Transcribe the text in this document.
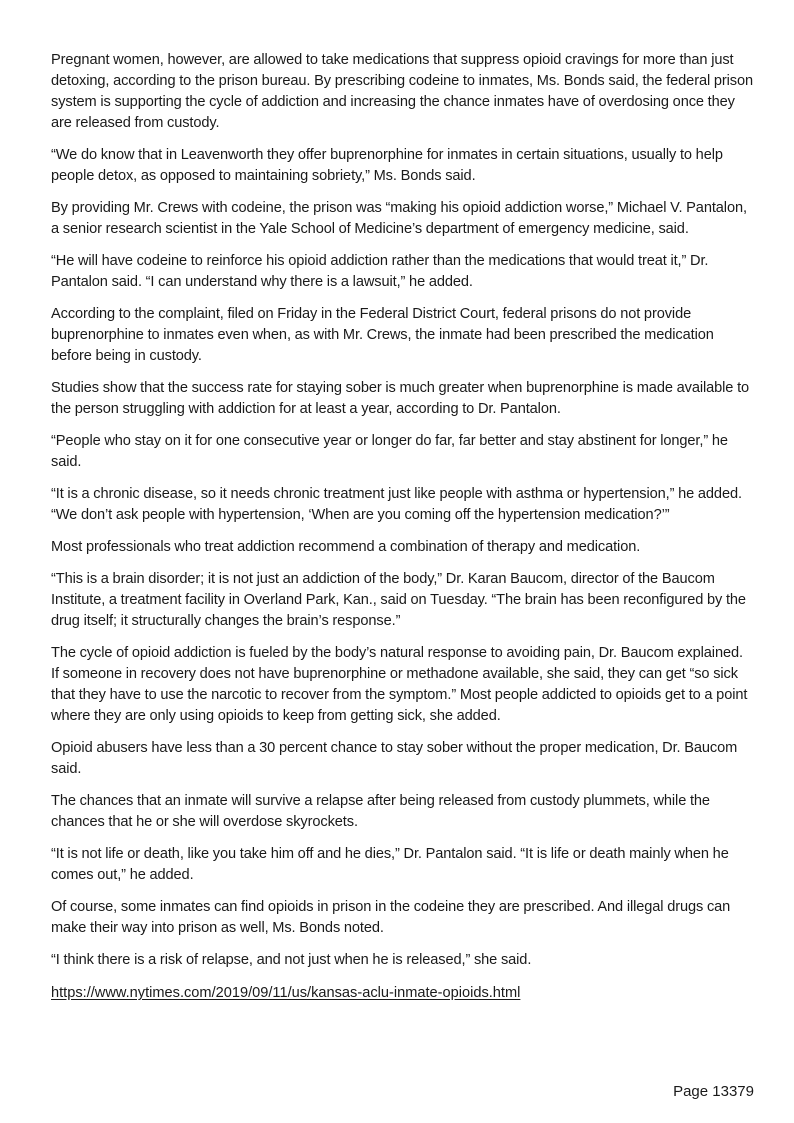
Pregnant women, however, are allowed to take medications that suppress opioid cravings for more than just detoxing, according to the prison bureau. By prescribing codeine to inmates, Ms. Bonds said, the federal prison system is supporting the cycle of addiction and increasing the chance inmates have of overdosing once they are released from custody.

“We do know that in Leavenworth they offer buprenorphine for inmates in certain situations, usually to help people detox, as opposed to maintaining sobriety,” Ms. Bonds said.

By providing Mr. Crews with codeine, the prison was “making his opioid addiction worse,” Michael V. Pantalon, a senior research scientist in the Yale School of Medicine’s department of emergency medicine, said.

“He will have codeine to reinforce his opioid addiction rather than the medications that would treat it,” Dr. Pantalon said. “I can understand why there is a lawsuit,” he added.

According to the complaint, filed on Friday in the Federal District Court, federal prisons do not provide buprenorphine to inmates even when, as with Mr. Crews, the inmate had been prescribed the medication before being in custody.

Studies show that the success rate for staying sober is much greater when buprenorphine is made available to the person struggling with addiction for at least a year, according to Dr. Pantalon.

“People who stay on it for one consecutive year or longer do far, far better and stay abstinent for longer,” he said.

“It is a chronic disease, so it needs chronic treatment just like people with asthma or hypertension,” he added. “We don’t ask people with hypertension, ‘When are you coming off the hypertension medication?’”

Most professionals who treat addiction recommend a combination of therapy and medication.

“This is a brain disorder; it is not just an addiction of the body,” Dr. Karan Baucom, director of the Baucom Institute, a treatment facility in Overland Park, Kan., said on Tuesday. “The brain has been reconfigured by the drug itself; it structurally changes the brain’s response.”

The cycle of opioid addiction is fueled by the body’s natural response to avoiding pain, Dr. Baucom explained. If someone in recovery does not have buprenorphine or methadone available, she said, they can get “so sick that they have to use the narcotic to recover from the symptom.” Most people addicted to opioids get to a point where they are only using opioids to keep from getting sick, she added.

Opioid abusers have less than a 30 percent chance to stay sober without the proper medication, Dr. Baucom said.

The chances that an inmate will survive a relapse after being released from custody plummets, while the chances that he or she will overdose skyrockets.

“It is not life or death, like you take him off and he dies,” Dr. Pantalon said. “It is life or death mainly when he comes out,” he added.

Of course, some inmates can find opioids in prison in the codeine they are prescribed. And illegal drugs can make their way into prison as well, Ms. Bonds noted.

“I think there is a risk of relapse, and not just when he is released,” she said.

https://www.nytimes.com/2019/09/11/us/kansas-aclu-inmate-opioids.html
Page 13379
